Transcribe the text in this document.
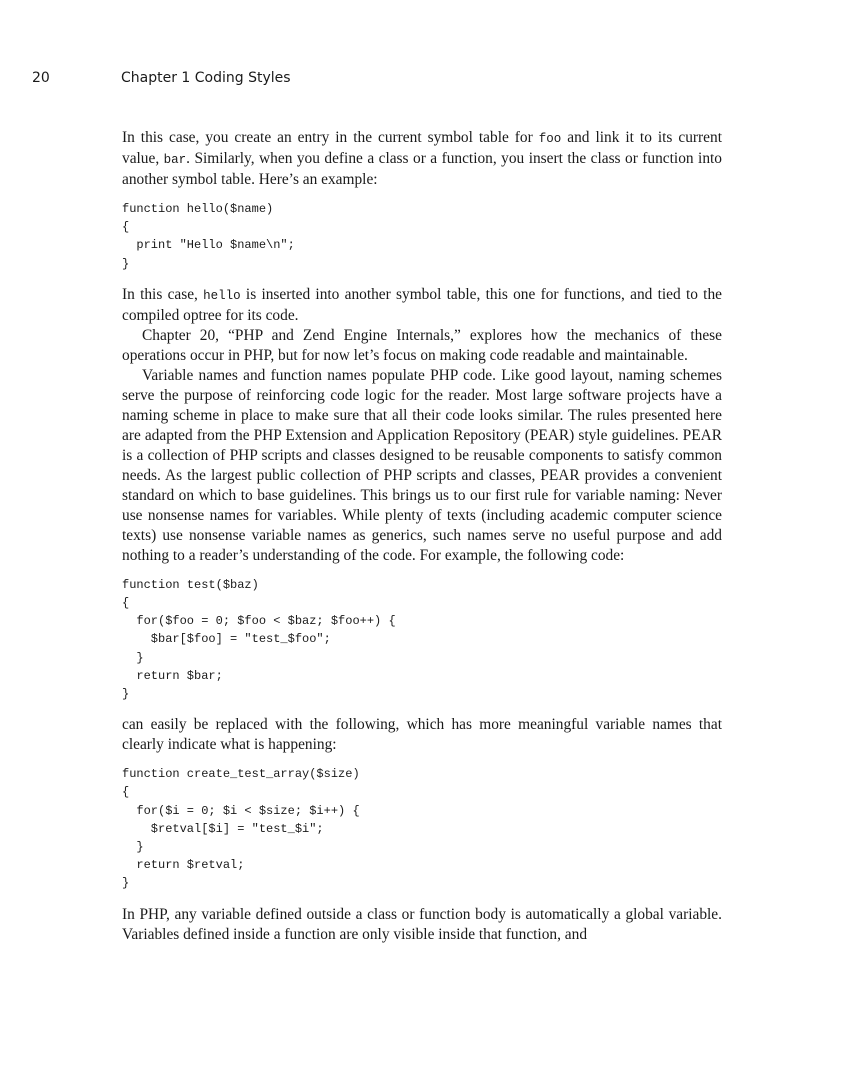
20	Chapter 1 Coding Styles

In this case, you create an entry in the current symbol table for foo and link it to its current value, bar. Similarly, when you define a class or a function, you insert the class or function into another symbol table. Here’s an example:

function hello($name)
{
print "Hello $name\n";
}

In this case, hello is inserted into another symbol table, this one for functions, and tied to the compiled optree for its code.

Chapter 20, “PHP and Zend Engine Internals,” explores how the mechanics of these operations occur in PHP, but for now let’s focus on making code readable and maintainable.

Variable names and function names populate PHP code. Like good layout, naming schemes serve the purpose of reinforcing code logic for the reader. Most large software projects have a naming scheme in place to make sure that all their code looks similar. The rules presented here are adapted from the PHP Extension and Application Repository (PEAR) style guidelines. PEAR is a collection of PHP scripts and classes designed to be reusable components to satisfy common needs. As the largest public collection of PHP scripts and classes, PEAR provides a convenient standard on which to base guidelines. This brings us to our first rule for variable naming: Never use nonsense names for variables. While plenty of texts (including academic computer science texts) use nonsense variable names as generics, such names serve no useful purpose and add nothing to a reader’s understanding of the code. For example, the following code:

function test($baz)
{
for($foo = 0; $foo < $baz; $foo++) {
$bar[$foo] = "test_$foo";
}
return $bar;
}

can easily be replaced with the following, which has more meaningful variable names that clearly indicate what is happening:

function create_test_array($size)
{
for($i = 0; $i < $size; $i++) {
$retval[$i] = "test_$i";
}
return $retval;
}

In PHP, any variable defined outside a class or function body is automatically a global variable. Variables defined inside a function are only visible inside that function, and
